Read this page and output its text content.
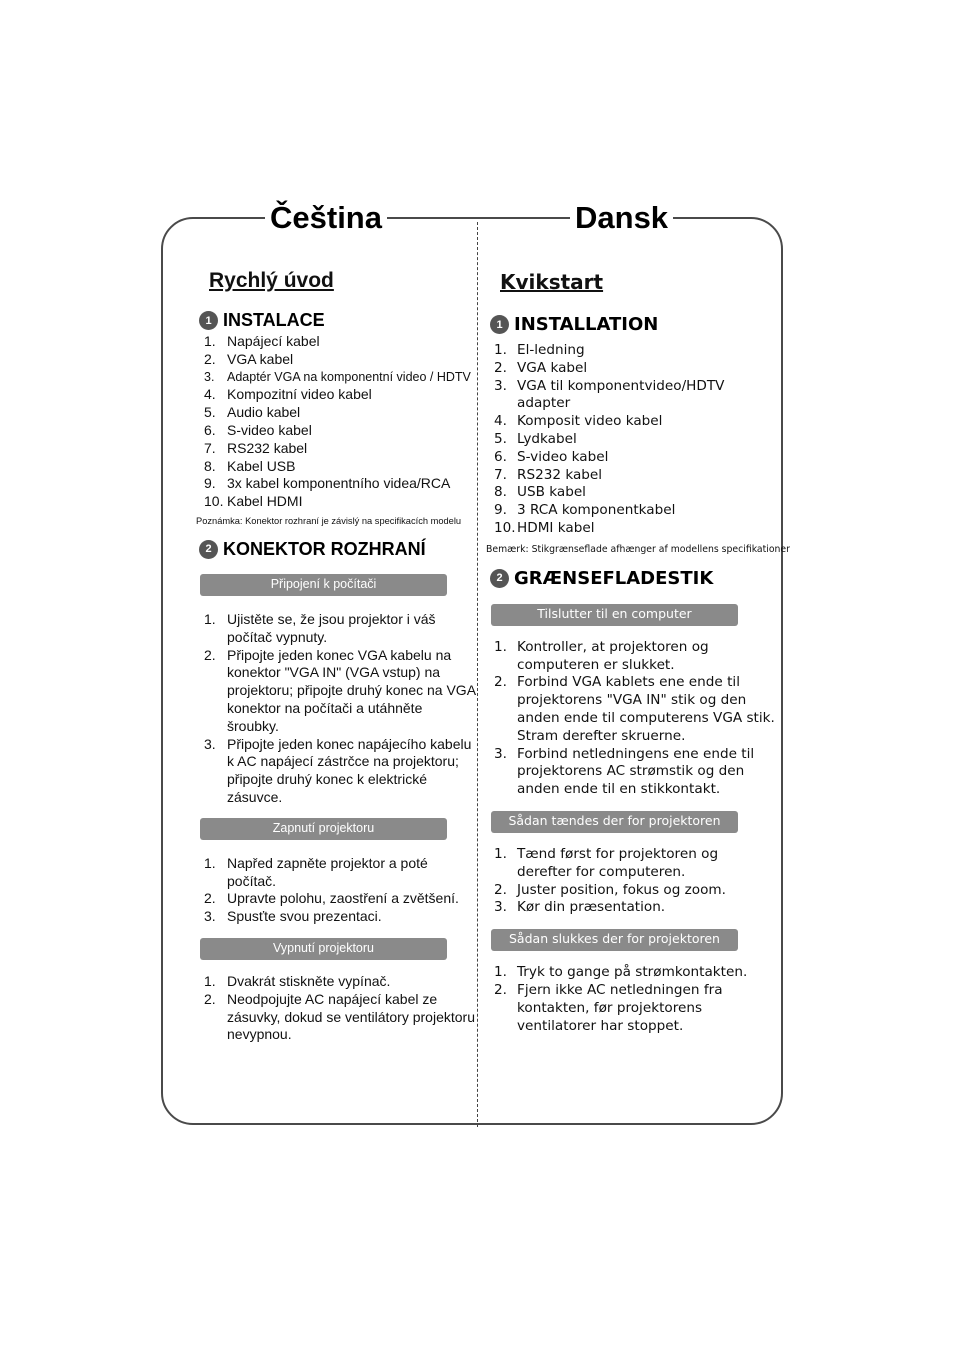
Čeština	Dansk
Rychlý úvod
1 INSTALACE
1. Napájecí kabel
2. VGA kabel
3.	Adaptér VGA na komponentní video / HDTV
4. Kompozitní video kabel
5. Audio kabel
6. S-video kabel
7. RS232 kabel
8. Kabel USB
9. 3x kabel komponentního videa/RCA
10. Kabel HDMI
Poznámka: Konektor rozhraní je závislý na specifikacích modelu
2 KONEKTOR ROZHRANÍ
Připojení k počítači
1. Ujistěte se, že jsou projektor i váš počítač vypnuty.
2. Připojte jeden konec VGA kabelu na konektor "VGA IN" (VGA vstup) na projektoru; připojte druhý konec na VGA konektor na počítači a utáhněte šroubky.
3. Připojte jeden konec napájecího kabelu k AC napájecí zástrčce na projektoru; připojte druhý konec k elektrické zásuvce.
Zapnutí projektoru
1. Napřed zapněte projektor a poté počítač.
2. Upravte polohu, zaostření a zvětšení.
3. Spusťte svou prezentaci.
Vypnutí projektoru
1. Dvakrát stiskněte vypínač.
2. Neodpojujte AC napájecí kabel ze zásuvky, dokud se ventilátory projektoru nevypnou.
Kvikstart
1 INSTALLATION
1. El-ledning
2. VGA kabel
3. VGA til komponentvideo/HDTV adapter
4. Komposit video kabel
5. Lydkabel
6. S-video kabel
7. RS232 kabel
8. USB kabel
9. 3 RCA komponentkabel
10. HDMI kabel
Bemærk: Stikgrænseflade afhænger af modellens specifikationer
2 GRÆNSEFLADESTIK
Tilslutter til en computer
1. Kontroller, at projektoren og computeren er slukket.
2. Forbind VGA kablets ene ende til projektorens "VGA IN" stik og den anden ende til computerens VGA stik. Stram derefter skruerne.
3. Forbind netledningens ene ende til projektorens AC strømstik og den anden ende til en stikkontakt.
Sådan tændes der for projektoren
1. Tænd først for projektoren og derefter for computeren.
2. Juster position, fokus og zoom.
3. Kør din præsentation.
Sådan slukkes der for projektoren
1. Tryk to gange på strømkontakten.
2. Fjern ikke AC netledningen fra kontakten, før projektorens ventilatorer har stoppet.
